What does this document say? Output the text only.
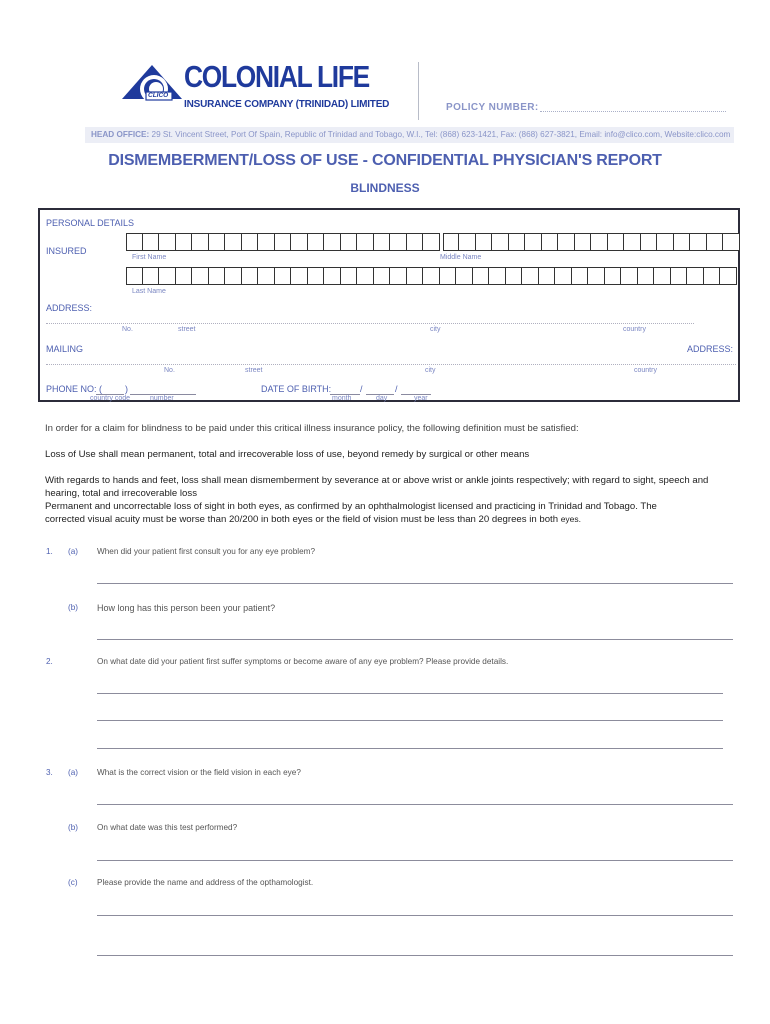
CLICO
COLONIAL LIFE
INSURANCE COMPANY (TRINIDAD) LIMITED	POLICY NUMBER:
HEAD OFFICE: 29 St. Vincent Street, Port Of Spain, Republic of Trinidad and Tobago, W.I., Tel: (868) 623-1421, Fax: (868) 627-3821, Email: info@clico.com, Website:clico.com
DISMEMBERMENT/LOSS OF USE - CONFIDENTIAL PHYSICIAN'S REPORT
BLINDNESS
PERSONAL DETAILS
INSURED
First Name	Middle Name
Last Name
ADDRESS:
No.	street	city	country
MAILING	ADDRESS:
No.	street	city	country
PHONE NO: (	)
country code	number
DATE OF BIRTH:	/	/
month	day	year
In order for a claim for blindness to be paid under this critical illness insurance policy, the following definition must be satisfied:
Loss of Use shall mean permanent, total and irrecoverable loss of use, beyond remedy by surgical or other means
With regards to hands and feet, loss shall mean dismemberment by severance at or above wrist or ankle joints respectively; with regard to sight, speech and hearing, total and irrecoverable loss
Permanent and uncorrectable loss of sight in both eyes, as confirmed by an ophthalmologist licensed and practicing in Trinidad and Tobago. The
corrected visual acuity must be worse than 20/200 in both eyes or the field of vision must be less than 20 degrees in both eyes.
1. (a) When did your patient first consult you for any eye problem?
(b) How long has this person been your patient?
2.	On what date did your patient first suffer symptoms or become aware of any eye problem? Please provide details.
3. (a) What is the correct vision or the field vision in each eye?
(b) On what date was this test performed?
(c) Please provide the name and address of the opthamologist.
